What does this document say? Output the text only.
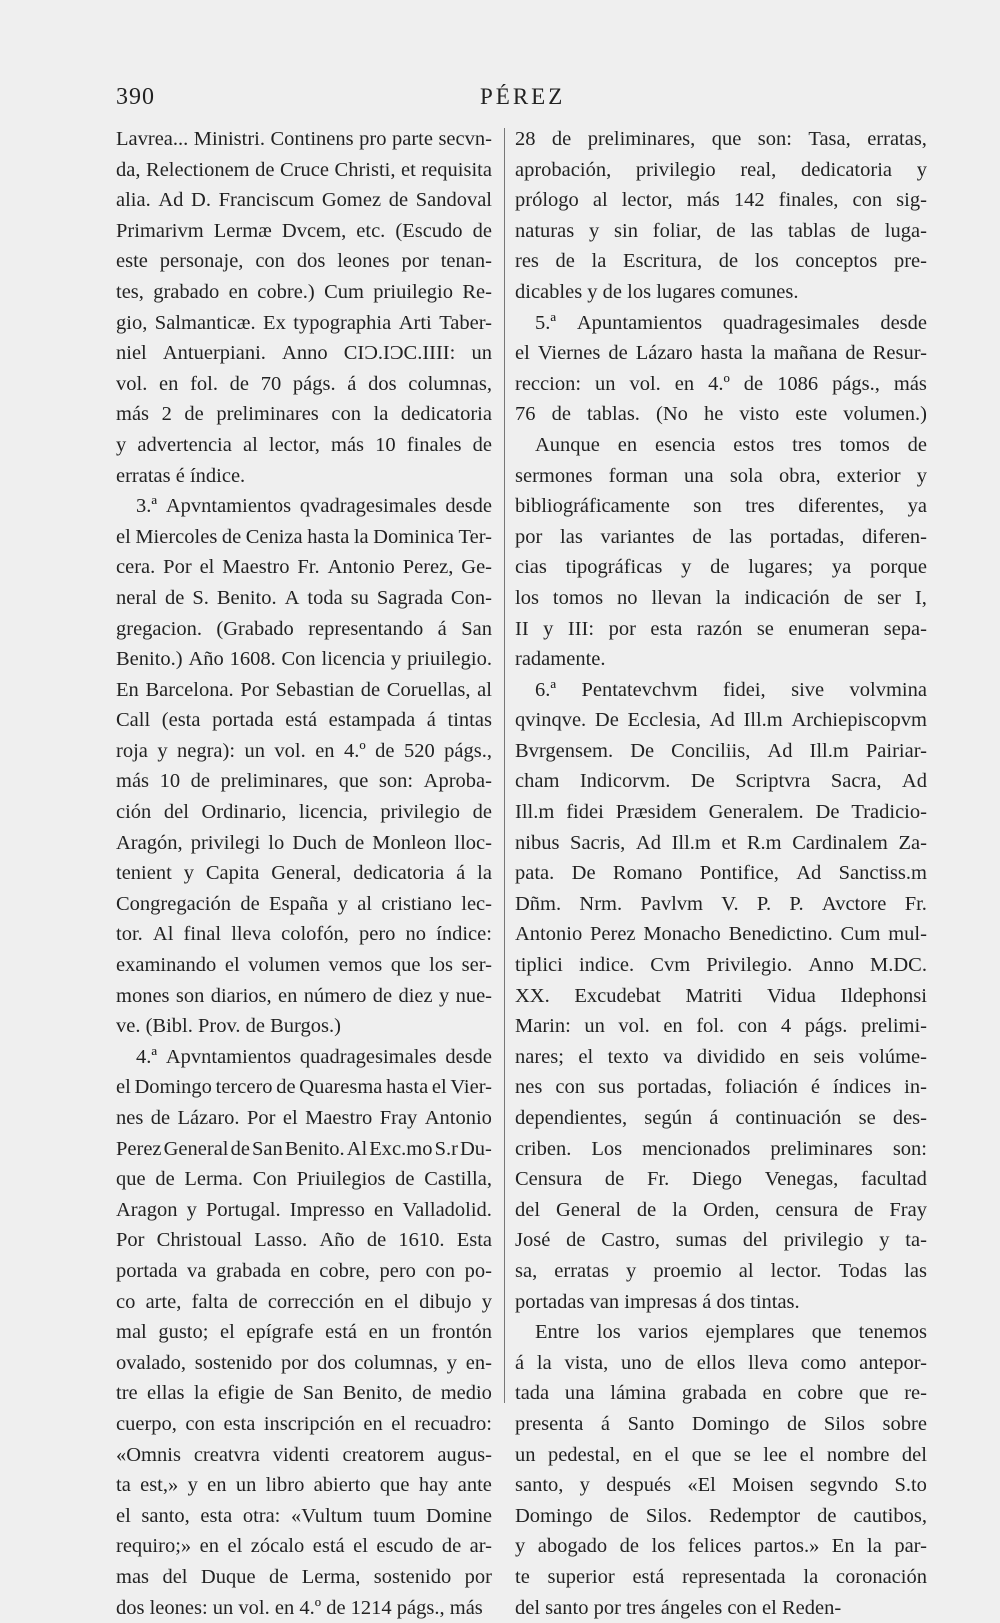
390	PÉREZ
Lavrea... Ministri. Continens pro parte secvn-
da, Relectionem de Cruce Christi, et requisita
alia. Ad D. Franciscum Gomez de Sandoval
Primarivm Lermæ Dvcem, etc. (Escudo de
este personaje, con dos leones por tenan-
tes, grabado en cobre.) Cum priuilegio Re-
gio, Salmanticæ. Ex typographia Arti Taber-
niel Antuerpiani. Anno CIƆ.IƆC.IIII: un
vol. en fol. de 70 págs. á dos columnas,
más 2 de preliminares con la dedicatoria
y advertencia al lector, más 10 finales de
erratas é índice.
3.ª Apvntamientos qvadragesimales desde
el Miercoles de Ceniza hasta la Dominica Ter-
cera. Por el Maestro Fr. Antonio Perez, Ge-
neral de S. Benito. A toda su Sagrada Con-
gregacion. (Grabado representando á San
Benito.) Año 1608. Con licencia y priuilegio.
En Barcelona. Por Sebastian de Coruellas, al
Call (esta portada está estampada á tintas
roja y negra): un vol. en 4.º de 520 págs.,
más 10 de preliminares, que son: Aproba-
ción del Ordinario, licencia, privilegio de
Aragón, privilegi lo Duch de Monleon lloc-
tenient y Capita General, dedicatoria á la
Congregación de España y al cristiano lec-
tor. Al final lleva colofón, pero no índice:
examinando el volumen vemos que los ser-
mones son diarios, en número de diez y nue-
ve. (Bibl. Prov. de Burgos.)
4.ª Apvntamientos quadragesimales desde
el Domingo tercero de Quaresma hasta el Vier-
nes de Lázaro. Por el Maestro Fray Antonio
Perez General de San Benito. Al Exc.mo S.r Du-
que de Lerma. Con Priuilegios de Castilla,
Aragon y Portugal. Impresso en Valladolid.
Por Christoual Lasso. Año de 1610. Esta
portada va grabada en cobre, pero con po-
co arte, falta de corrección en el dibujo y
mal gusto; el epígrafe está en un frontón
ovalado, sostenido por dos columnas, y en-
tre ellas la efigie de San Benito, de medio
cuerpo, con esta inscripción en el recuadro:
«Omnis creatvra videnti creatorem augus-
ta est,» y en un libro abierto que hay ante
el santo, esta otra: «Vultum tuum Domine
requiro;» en el zócalo está el escudo de ar-
mas del Duque de Lerma, sostenido por
dos leones: un vol. en 4.º de 1214 págs., más
28 de preliminares, que son: Tasa, erratas,
aprobación, privilegio real, dedicatoria y
prólogo al lector, más 142 finales, con sig-
naturas y sin foliar, de las tablas de luga-
res de la Escritura, de los conceptos pre-
dicables y de los lugares comunes.
5.ª Apuntamientos quadragesimales desde
el Viernes de Lázaro hasta la mañana de Resur-
reccion: un vol. en 4.º de 1086 págs., más
76 de tablas. (No he visto este volumen.)
Aunque en esencia estos tres tomos de
sermones forman una sola obra, exterior y
bibliográficamente son tres diferentes, ya
por las variantes de las portadas, diferen-
cias tipográficas y de lugares; ya porque
los tomos no llevan la indicación de ser I,
II y III: por esta razón se enumeran sepa-
radamente.
6.ª Pentatevchvm fidei, sive volvmina
qvinqve. De Ecclesia, Ad Ill.m Archiepiscopvm
Bvrgensem. De Conciliis, Ad Ill.m Pairiar-
cham Indicorvm. De Scriptvra Sacra, Ad
Ill.m fidei Præsidem Generalem. De Tradicio-
nibus Sacris, Ad Ill.m et R.m Cardinalem Za-
pata. De Romano Pontifice, Ad Sanctiss.m
Dñm. Nrm. Pavlvm V. P. P. Avctore Fr.
Antonio Perez Monacho Benedictino. Cum mul-
tiplici indice. Cvm Privilegio. Anno M.DC.
XX. Excudebat Matriti Vidua Ildephonsi
Marin: un vol. en fol. con 4 págs. prelimi-
nares; el texto va dividido en seis volúme-
nes con sus portadas, foliación é índices in-
dependientes, según á continuación se des-
criben. Los mencionados preliminares son:
Censura de Fr. Diego Venegas, facultad
del General de la Orden, censura de Fray
José de Castro, sumas del privilegio y ta-
sa, erratas y proemio al lector. Todas las
portadas van impresas á dos tintas.
Entre los varios ejemplares que tenemos
á la vista, uno de ellos lleva como antepor-
tada una lámina grabada en cobre que re-
presenta á Santo Domingo de Silos sobre
un pedestal, en el que se lee el nombre del
santo, y después «El Moisen segvndo S.to
Domingo de Silos. Redemptor de cautibos,
y abogado de los felices partos.» En la par-
te superior está representada la coronación
del santo por tres ángeles con el Reden-
